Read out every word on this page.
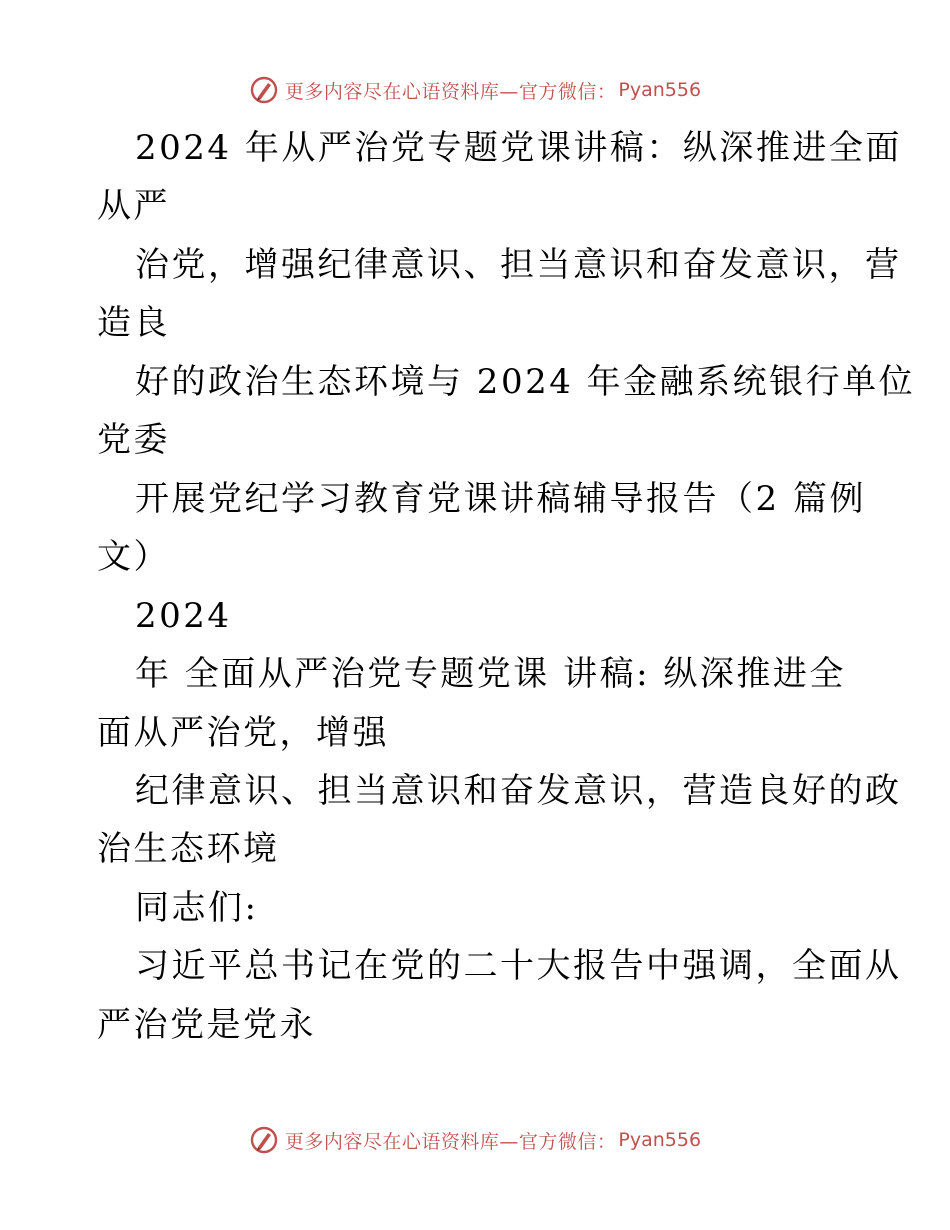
更多内容尽在心语资料库—官方微信： Pyan556
2024 年从严治党专题党课讲稿：纵深推进全面
从严
治党，增强纪律意识、担当意识和奋发意识，营
造良
好的政治生态环境与 2024 年金融系统银行单位
党委
开展党纪学习教育党课讲稿辅导报告（2 篇例
文）
2024
年 全面从严治党专题党课 讲稿: 纵深推进全
面从严治党，增强
纪律意识、担当意识和奋发意识，营造良好的政
治生态环境
同志们:
习近平总书记在党的二十大报告中强调，全面从
严治党是党永
更多内容尽在心语资料库—官方微信： Pyan556
